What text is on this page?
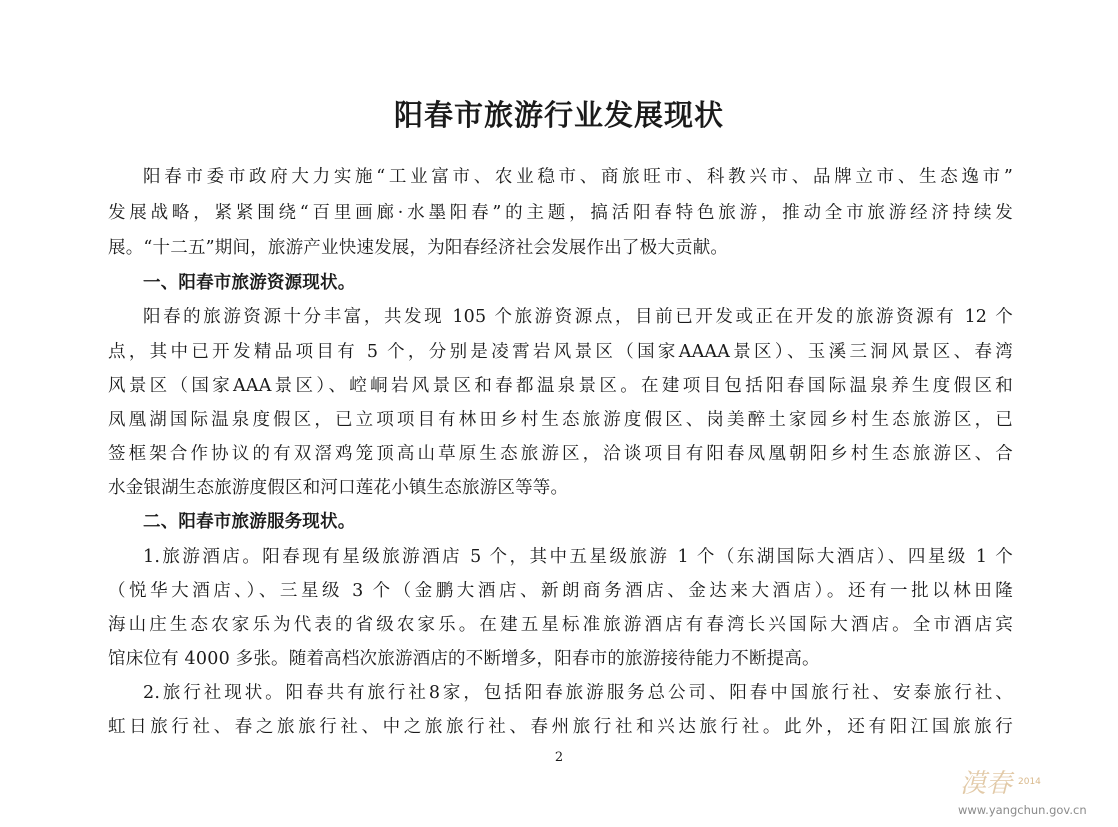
阳春市旅游行业发展现状
阳春市委市政府大力实施“工业富市、农业稳市、商旅旺市、科教兴市、品牌立市、生态逸市”
发展战略，紧紧围绕“百里画廊·水墨阳春”的主题，搞活阳春特色旅游，推动全市旅游经济持续发
展。“十二五”期间，旅游产业快速发展，为阳春经济社会发展作出了极大贡献。
一、阳春市旅游资源现状。
阳春的旅游资源十分丰富，共发现 105 个旅游资源点，目前已开发或正在开发的旅游资源有 12 个
点，其中已开发精品项目有 5 个，分别是凌霄岩风景区（国家AAAA景区）、玉溪三洞风景区、春湾
风景区（国家AAA景区）、崆峒岩风景区和春都温泉景区。在建项目包括阳春国际温泉养生度假区和
凤凰湖国际温泉度假区，已立项项目有林田乡村生态旅游度假区、岗美醉土家园乡村生态旅游区，已
签框架合作协议的有双滘鸡笼顶高山草原生态旅游区，洽谈项目有阳春凤凰朝阳乡村生态旅游区、合
水金银湖生态旅游度假区和河口莲花小镇生态旅游区等等。
二、阳春市旅游服务现状。
1.旅游酒店。阳春现有星级旅游酒店 5 个，其中五星级旅游 1 个（东湖国际大酒店）、四星级 1 个
（悦华大酒店、）、三星级 3 个（金鹏大酒店、新朗商务酒店、金达来大酒店）。还有一批以林田隆
海山庄生态农家乐为代表的省级农家乐。在建五星标准旅游酒店有春湾长兴国际大酒店。全市酒店宾
馆床位有 4000 多张。随着高档次旅游酒店的不断增多，阳春市的旅游接待能力不断提高。
2.旅行社现状。阳春共有旅行社8家，包括阳春旅游服务总公司、阳春中国旅行社、安泰旅行社、
虹日旅行社、春之旅旅行社、中之旅旅行社、春州旅行社和兴达旅行社。此外，还有阳江国旅旅行
2
漠春 2014
www.yangchun.gov.cn
